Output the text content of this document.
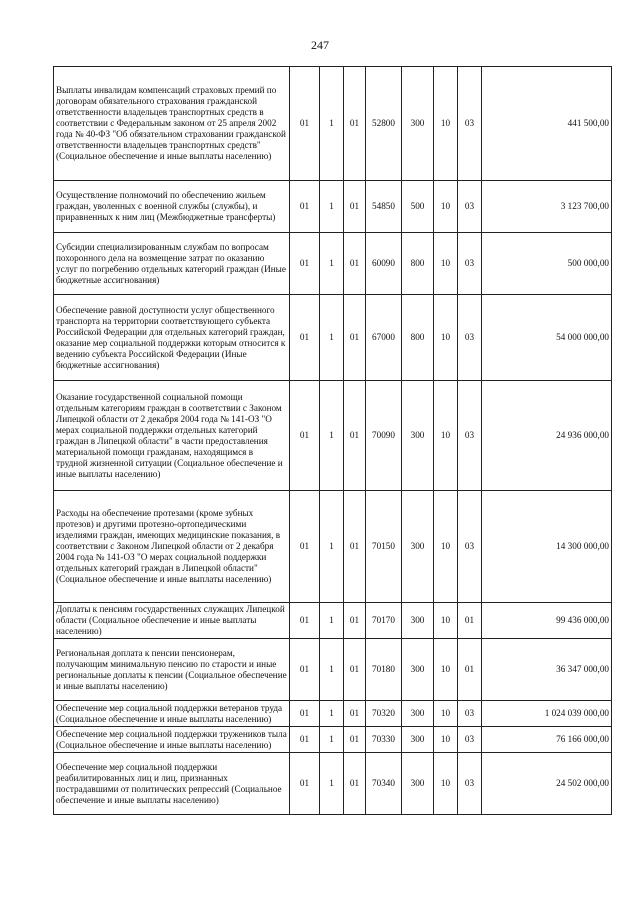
247
Выплаты инвалидам компенсаций страховых премий по договорам обязательного страхования гражданской ответственности владельцев транспортных средств в соответствии с Федеральным законом от 25 апреля 2002 года № 40-ФЗ "Об обязательном страховании гражданской ответственности владельцев транспортных средств" (Социальное обеспечение и иные выплаты населению)	01	1	01	52800	300	10	03	441 500,00
Осуществление полномочий по обеспечению жильем граждан, уволенных с военной службы (службы), и приравненных к ним лиц (Межбюджетные трансферты)	01	1	01	54850	500	10	03	3 123 700,00
Субсидии специализированным службам по вопросам похоронного дела на возмещение затрат по оказанию услуг по погребению отдельных категорий граждан (Иные бюджетные ассигнования)	01	1	01	60090	800	10	03	500 000,00
Обеспечение равной доступности услуг общественного транспорта на территории соответствующего субъекта Российской Федерации для отдельных категорий граждан, оказание мер социальной поддержки которым относится к ведению субъекта Российской Федерации (Иные бюджетные ассигнования)	01	1	01	67000	800	10	03	54 000 000,00
Оказание государственной социальной помощи отдельным категориям граждан в соответствии с Законом Липецкой области от 2 декабря 2004 года № 141-ОЗ "О мерах социальной поддержки отдельных категорий граждан в Липецкой области" в части предоставления материальной помощи гражданам, находящимся в трудной жизненной ситуации (Социальное обеспечение и иные выплаты населению)	01	1	01	70090	300	10	03	24 936 000,00
Расходы на обеспечение протезами (кроме зубных протезов) и другими протезно-ортопедическими изделиями граждан, имеющих медицинские показания, в соответствии с Законом Липецкой области от 2 декабря 2004 года № 141-ОЗ "О мерах социальной поддержки отдельных категорий граждан в Липецкой области" (Социальное обеспечение и иные выплаты населению)	01	1	01	70150	300	10	03	14 300 000,00
Доплаты к пенсиям государственных служащих Липецкой области (Социальное обеспечение и иные выплаты населению)	01	1	01	70170	300	10	01	99 436 000,00
Региональная доплата к пенсии пенсионерам, получающим минимальную пенсию по старости и иные региональные доплаты к пенсии (Социальное обеспечение и иные выплаты населению)	01	1	01	70180	300	10	01	36 347 000,00
Обеспечение мер социальной поддержки ветеранов труда (Социальное обеспечение и иные выплаты населению)	01	1	01	70320	300	10	03	1 024 039 000,00
Обеспечение мер социальной поддержки тружеников тыла (Социальное обеспечение и иные выплаты населению)	01	1	01	70330	300	10	03	76 166 000,00
Обеспечение мер социальной поддержки реабилитированных лиц и лиц, признанных пострадавшими от политических репрессий (Социальное обеспечение и иные выплаты населению)	01	1	01	70340	300	10	03	24 502 000,00
